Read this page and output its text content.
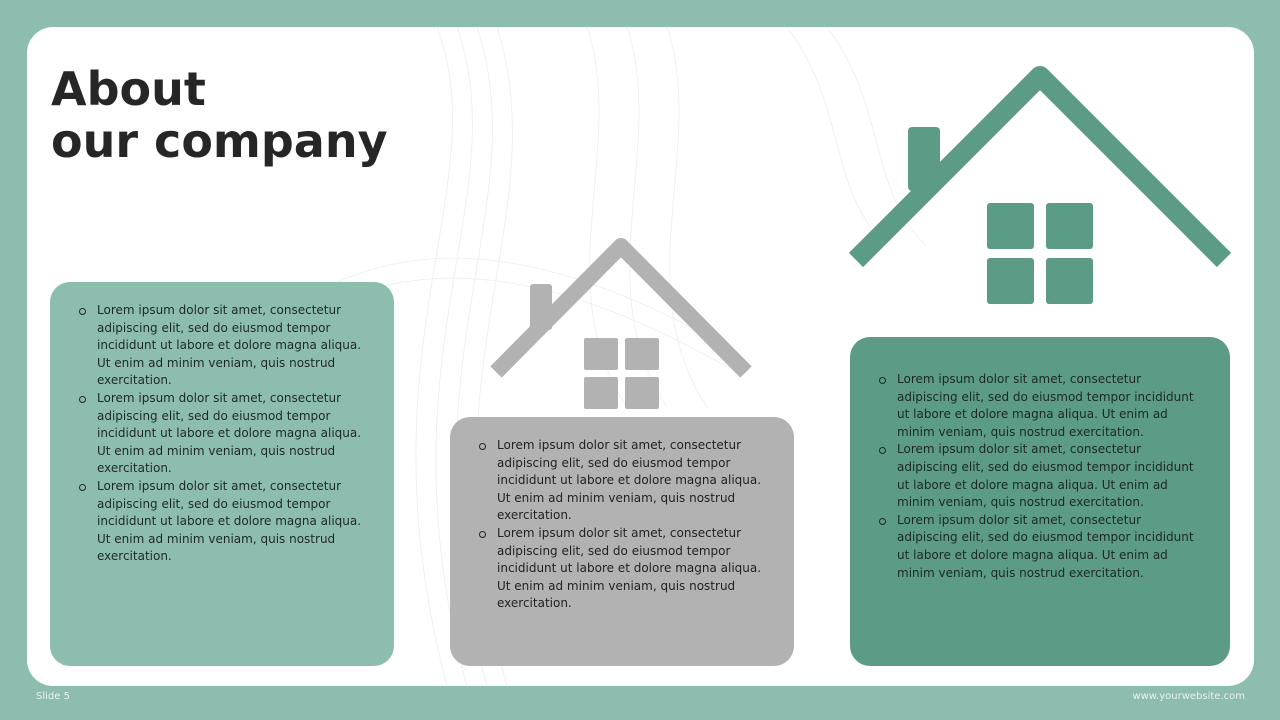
About
our company
Lorem ipsum dolor sit amet, consectetur adipiscing elit, sed do eiusmod tempor incididunt ut labore et dolore magna aliqua. Ut enim ad minim veniam, quis nostrud exercitation.
Lorem ipsum dolor sit amet, consectetur adipiscing elit, sed do eiusmod tempor incididunt ut labore et dolore magna aliqua. Ut enim ad minim veniam, quis nostrud exercitation.
Lorem ipsum dolor sit amet, consectetur adipiscing elit, sed do eiusmod tempor incididunt ut labore et dolore magna aliqua. Ut enim ad minim veniam, quis nostrud exercitation.
Lorem ipsum dolor sit amet, consectetur adipiscing elit, sed do eiusmod tempor incididunt ut labore et dolore magna aliqua. Ut enim ad minim veniam, quis nostrud exercitation.
Lorem ipsum dolor sit amet, consectetur adipiscing elit, sed do eiusmod tempor incididunt ut labore et dolore magna aliqua. Ut enim ad minim veniam, quis nostrud exercitation.
Lorem ipsum dolor sit amet, consectetur adipiscing elit, sed do eiusmod tempor incididunt ut labore et dolore magna aliqua. Ut enim ad minim veniam, quis nostrud exercitation.
Lorem ipsum dolor sit amet, consectetur adipiscing elit, sed do eiusmod tempor incididunt ut labore et dolore magna aliqua. Ut enim ad minim veniam, quis nostrud exercitation.
Lorem ipsum dolor sit amet, consectetur adipiscing elit, sed do eiusmod tempor incididunt ut labore et dolore magna aliqua. Ut enim ad minim veniam, quis nostrud exercitation.
Slide 5	www.yourwebsite.com
